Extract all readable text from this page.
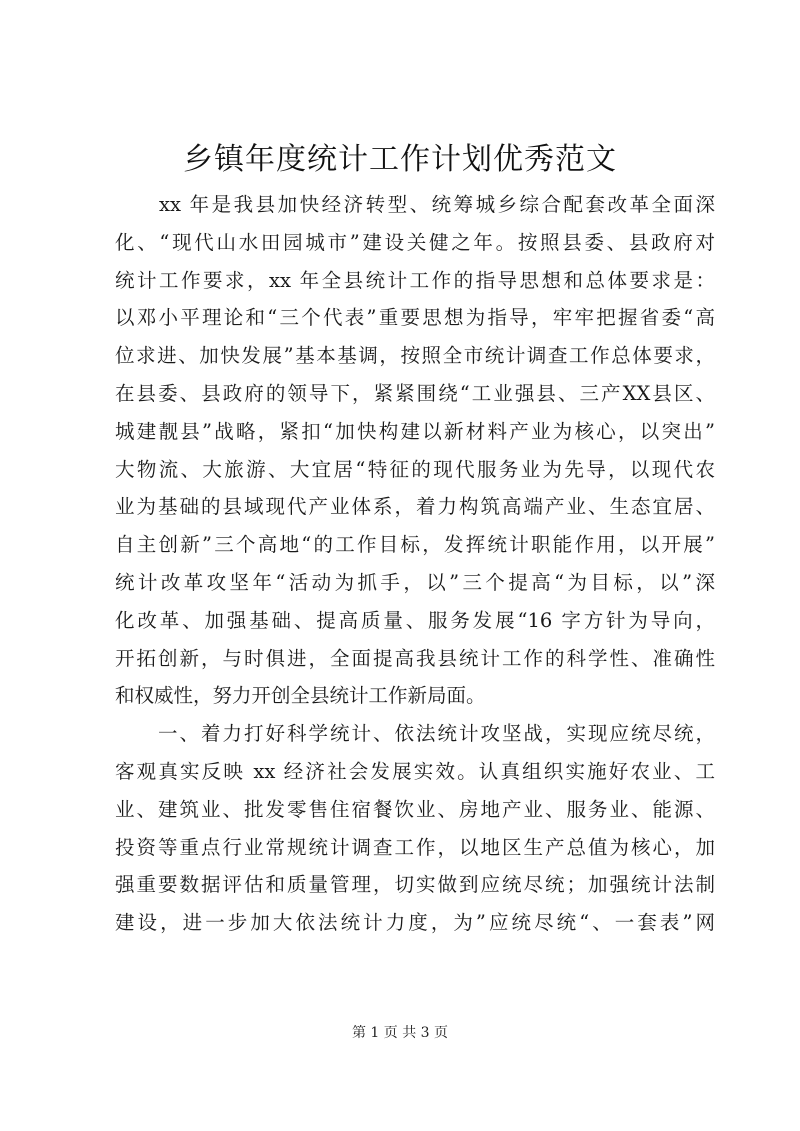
乡镇年度统计工作计划优秀范文
　　xx 年是我县加快经济转型、统筹城乡综合配套改革全面深
化、“现代山水田园城市”建设关健之年。按照县委、县政府对
统计工作要求，xx 年全县统计工作的指导思想和总体要求是：
以邓小平理论和“三个代表”重要思想为指导，牢牢把握省委“高
位求进、加快发展”基本基调，按照全市统计调查工作总体要求，
在县委、县政府的领导下，紧紧围绕“工业强县、三产XX县区、
城建靓县”战略，紧扣“加快构建以新材料产业为核心，以突出”
大物流、大旅游、大宜居“特征的现代服务业为先导，以现代农
业为基础的县域现代产业体系，着力构筑高端产业、生态宜居、
自主创新”三个高地“的工作目标，发挥统计职能作用，以开展”
统计改革攻坚年“活动为抓手，以”三个提高“为目标，以”深
化改革、加强基础、提高质量、服务发展“16 字方针为导向，
开拓创新，与时俱进，全面提高我县统计工作的科学性、准确性
和权威性，努力开创全县统计工作新局面。
　　一、着力打好科学统计、依法统计攻坚战，实现应统尽统，
客观真实反映 xx 经济社会发展实效。认真组织实施好农业、工
业、建筑业、批发零售住宿餐饮业、房地产业、服务业、能源、
投资等重点行业常规统计调查工作，以地区生产总值为核心，加
强重要数据评估和质量管理，切实做到应统尽统；加强统计法制
建设，进一步加大依法统计力度，为”应统尽统“、一套表”网
第 1 页 共 3 页
